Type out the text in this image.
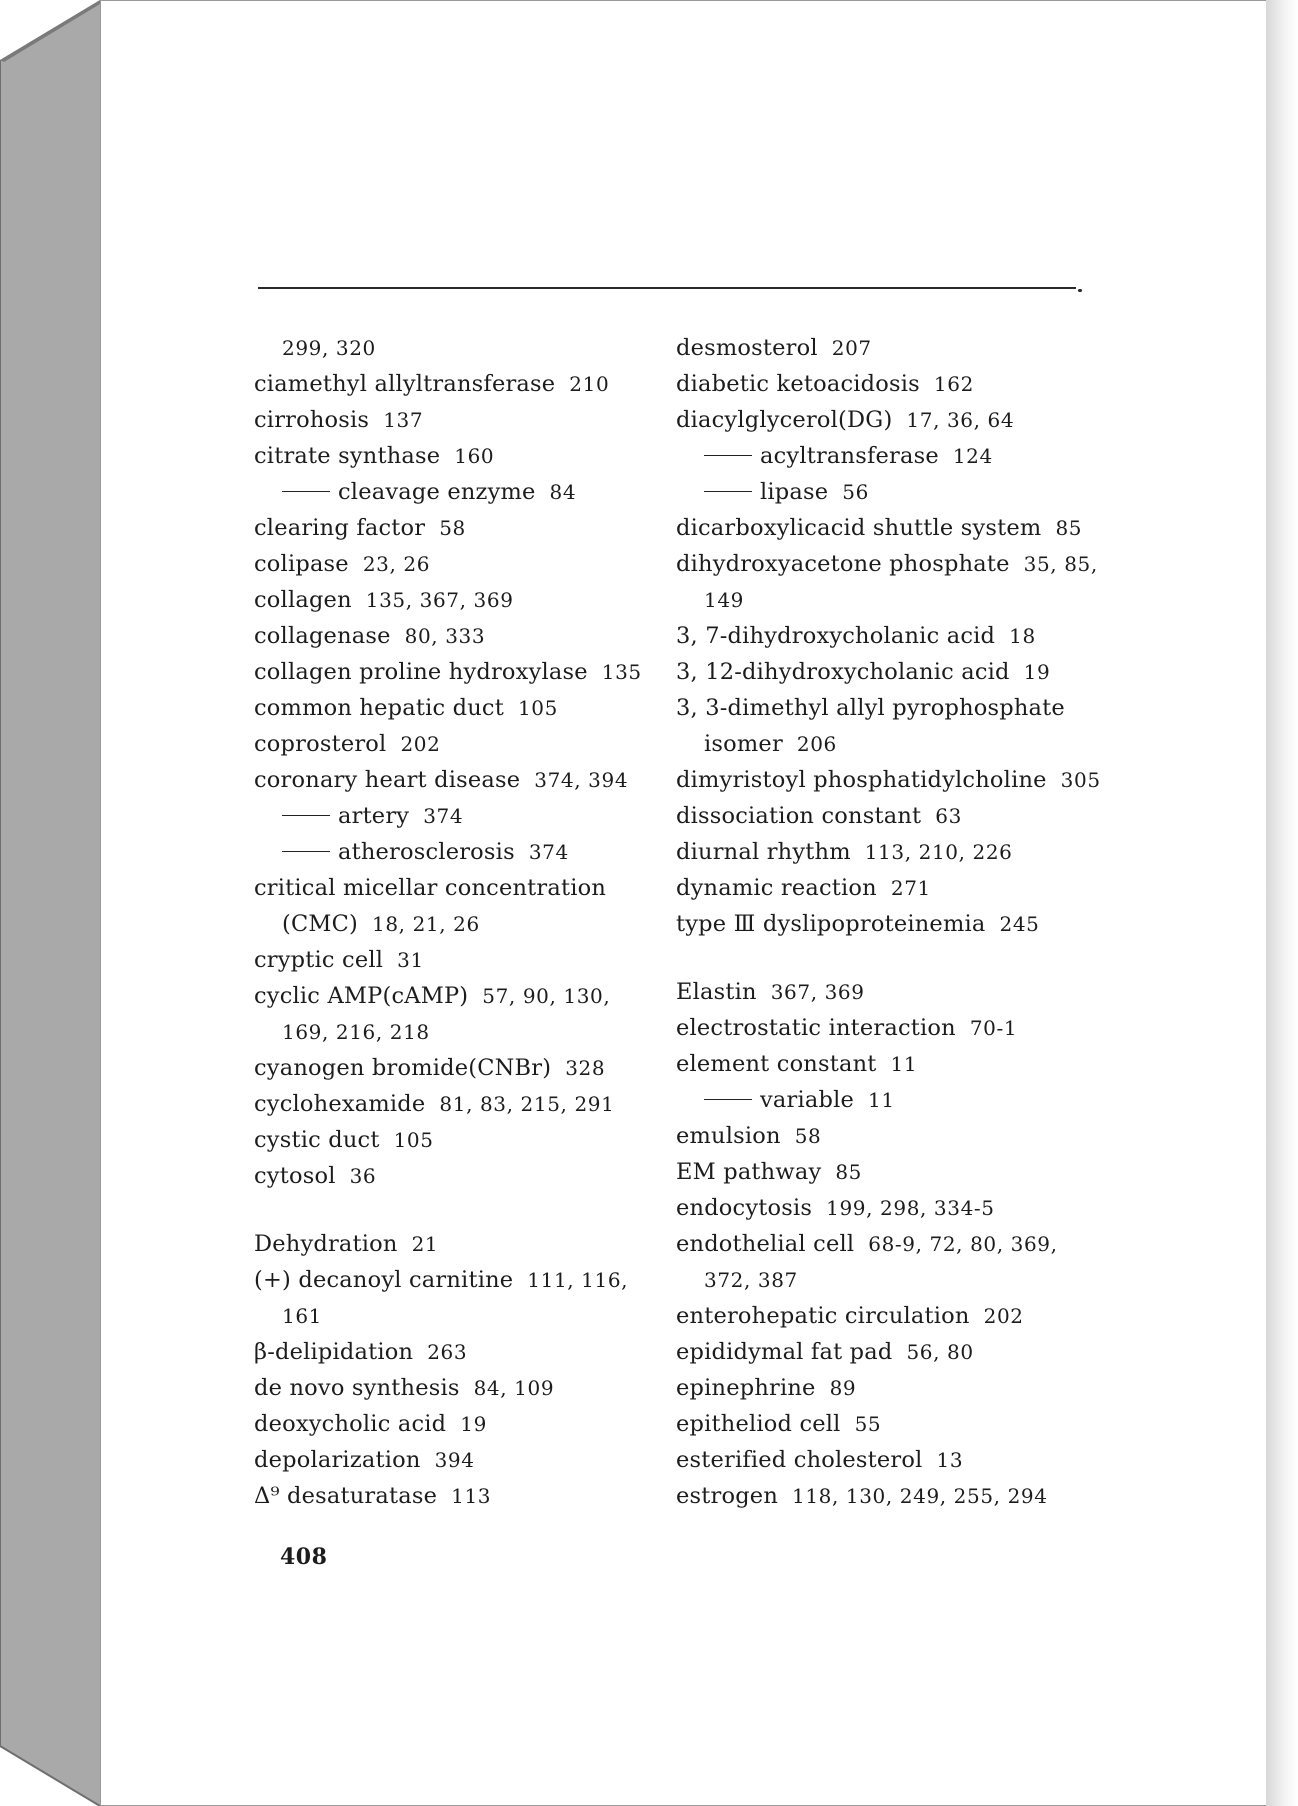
299, 320
ciamethyl allyltransferase 210
cirrohosis 137
citrate synthase 160
cleavage enzyme 84
clearing factor 58
colipase 23, 26
collagen 135, 367, 369
collagenase 80, 333
collagen proline hydroxylase 135
common hepatic duct 105
coprosterol 202
coronary heart disease 374, 394
artery 374
atherosclerosis 374
critical micellar concentration
(CMC) 18, 21, 26
cryptic cell 31
cyclic AMP(cAMP) 57, 90, 130,
169, 216, 218
cyanogen bromide(CNBr) 328
cyclohexamide 81, 83, 215, 291
cystic duct 105
cytosol 36
Dehydration 21
(+) decanoyl carnitine 111, 116,
161
β-delipidation 263
de novo synthesis 84, 109
deoxycholic acid 19
depolarization 394
Δ⁹ desaturatase 113
desmosterol 207
diabetic ketoacidosis 162
diacylglycerol(DG) 17, 36, 64
acyltransferase 124
lipase 56
dicarboxylicacid shuttle system 85
dihydroxyacetone phosphate 35, 85,
149
3, 7-dihydroxycholanic acid 18
3, 12-dihydroxycholanic acid 19
3, 3-dimethyl allyl pyrophosphate
isomer 206
dimyristoyl phosphatidylcholine 305
dissociation constant 63
diurnal rhythm 113, 210, 226
dynamic reaction 271
type Ⅲ dyslipoproteinemia 245
Elastin 367, 369
electrostatic interaction 70-1
element constant 11
variable 11
emulsion 58
EM pathway 85
endocytosis 199, 298, 334-5
endothelial cell 68-9, 72, 80, 369,
372, 387
enterohepatic circulation 202
epididymal fat pad 56, 80
epinephrine 89
epitheliod cell 55
esterified cholesterol 13
estrogen 118, 130, 249, 255, 294
408
